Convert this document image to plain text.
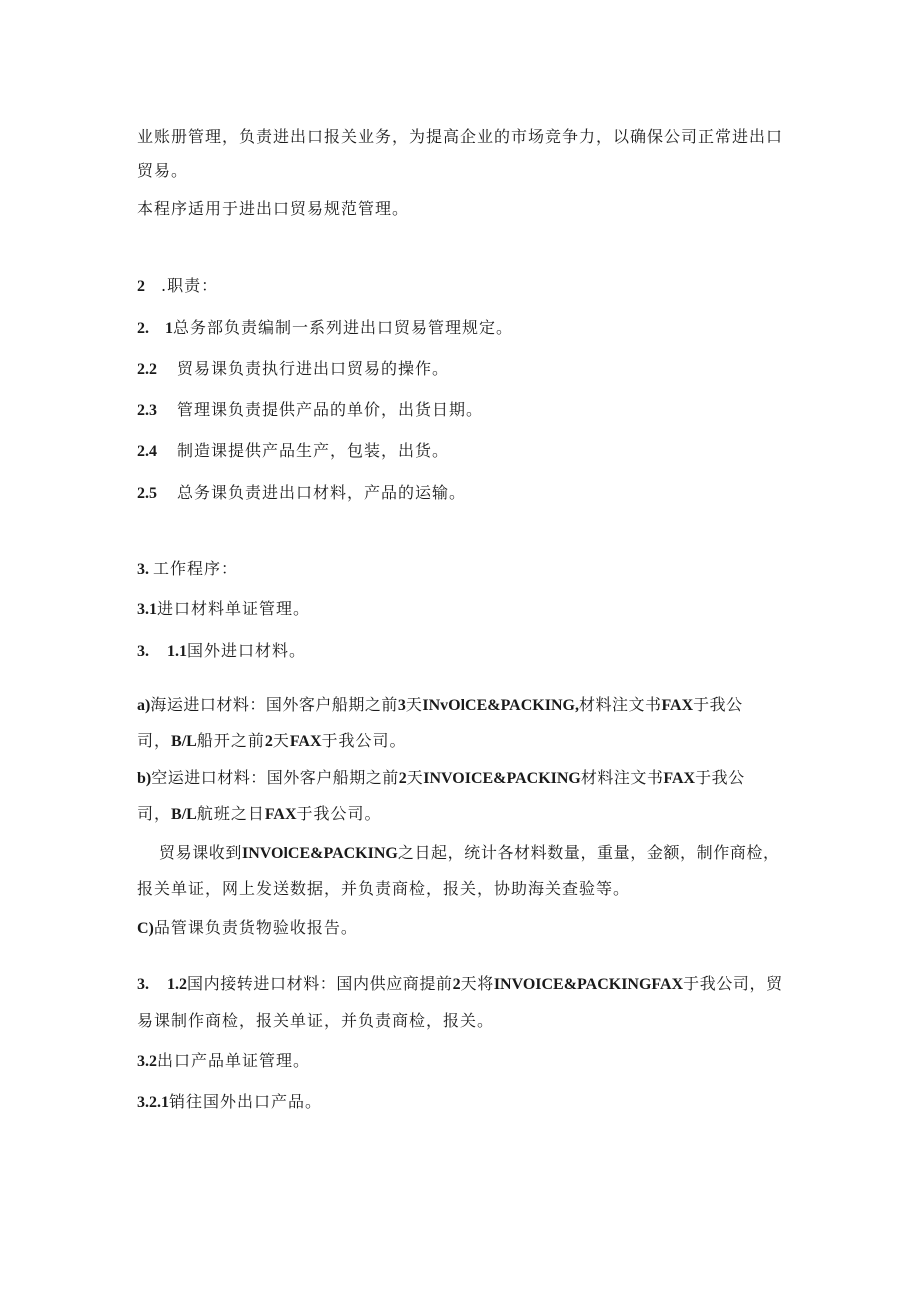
业账册管理，负责进出口报关业务，为提高企业的市场竞争力，以确保公司正常进出口

贸易。

本程序适用于进出口贸易规范管理。

2 .职责：

2. 1总务部负责编制一系列进出口贸易管理规定。

2.2 贸易课负责执行进出口贸易的操作。

2.3 管理课负责提供产品的单价，出货日期。

2.4 制造课提供产品生产，包装，出货。

2.5 总务课负责进出口材料，产品的运输。

3. 工作程序：

3.1进口材料单证管理。

3. 1.1国外进口材料。

a)海运进口材料：国外客户船期之前3天INvOlCE&PACKING,材料注文书FAX于我公

司，B/L船开之前2天FAX于我公司。

b)空运进口材料：国外客户船期之前2天INVOICE&PACKING材料注文书FAX于我公

司，B/L航班之日FAX于我公司。

贸易课收到INVOlCE&PACKING之日起，统计各材料数量，重量，金额，制作商检，

报关单证，网上发送数据，并负责商检，报关，协助海关查验等。

C)品管课负责货物验收报告。

3. 1.2国内接转进口材料：国内供应商提前2天将INVOICE&PACKINGFAX于我公司，贸

易课制作商检，报关单证，并负责商检，报关。

3.2出口产品单证管理。

3.2.1销往国外出口产品。
